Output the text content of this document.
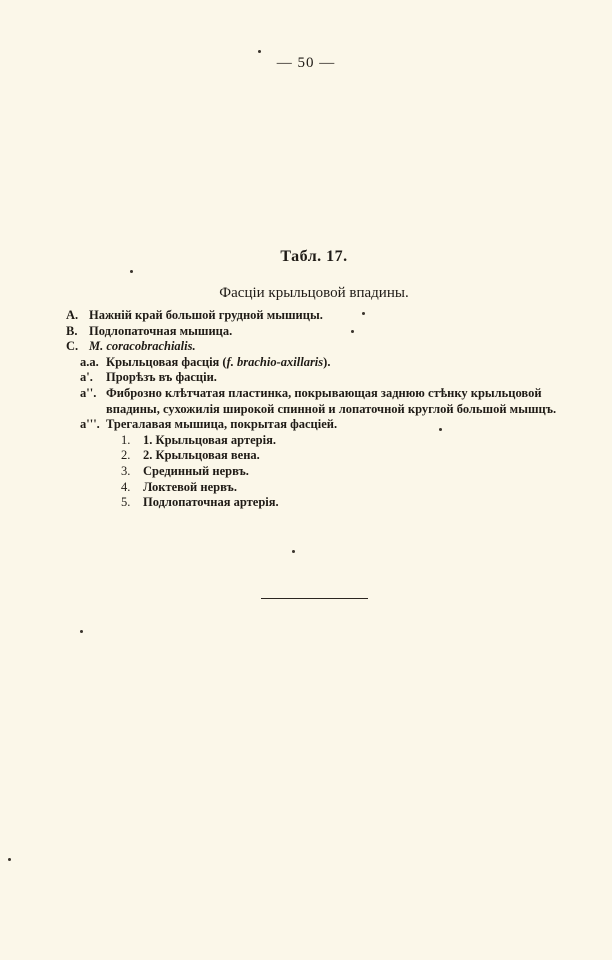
— 50 —
Табл. 17.
Фасціи крыльцовой впадины.
A. Нажній край большой грудной мышицы.
B. Подлопаточная мышица.
C. M. coracobrachialis.
a.a. Крыльцовая фасція (f. brachio-axillaris).
a'.	Прорѣзъ въ фасціи.
a''. Фиброзно клѣтчатая пластинка, покрывающая заднюю стѣнку крыльцовой впадины, сухожилія широкой спинной и лопаточной круглой большой мышцъ.
a'''. Трегалавая мышица, покрытая фасціей.
1.	1. Крыльцовая артерія.
2.	2. Крыльцовая вена.
3.	Срединный нервъ.
4.	Локтевой нервъ.
5.	Подлопаточная артерія.
